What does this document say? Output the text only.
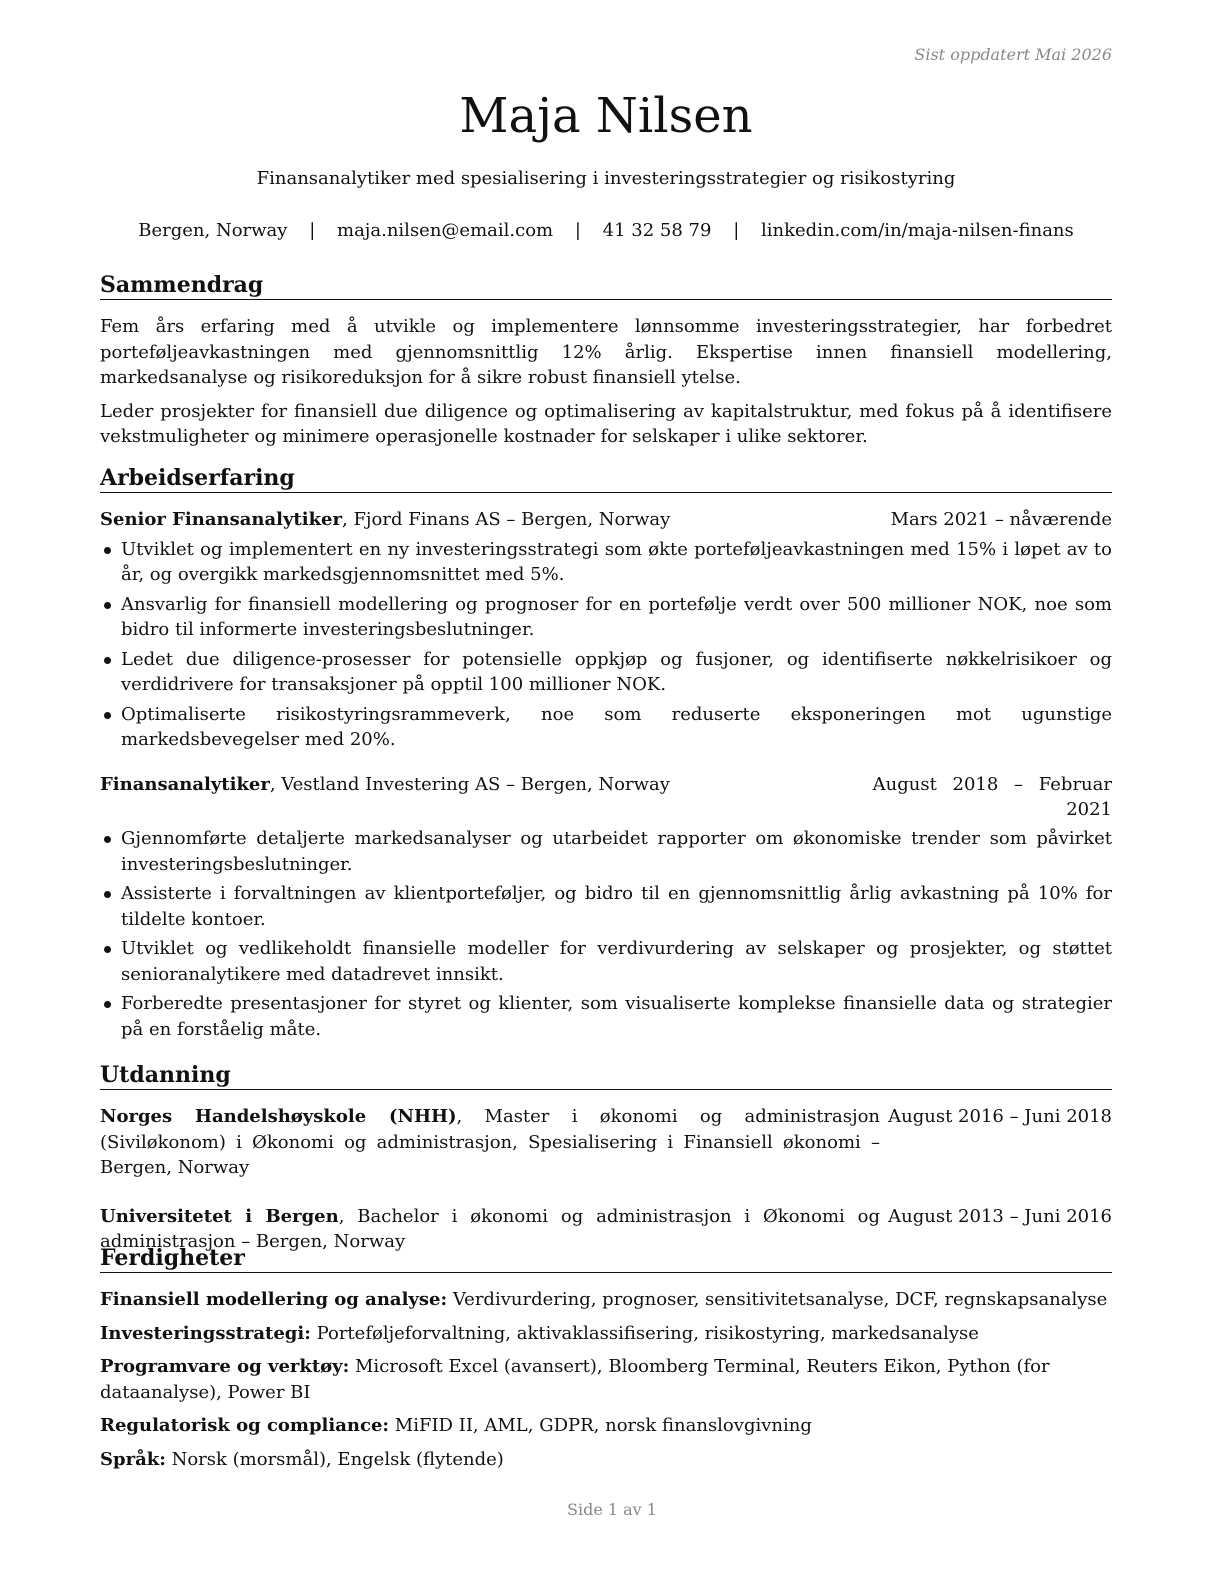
Sist oppdatert Mai 2026
Maja Nilsen
Finansanalytiker med spesialisering i investeringsstrategier og risikostyring
Bergen, Norway | maja.nilsen@email.com | 41 32 58 79 | linkedin.com/in/maja-nilsen-finans
Sammendrag

Fem års erfaring med å utvikle og implementere lønnsomme investeringsstrategier, har forbedret porteføljeavkastningen med gjennomsnittlig 12% årlig. Ekspertise innen finansiell modellering, markedsanalyse og risikoreduksjon for å sikre robust finansiell ytelse.

Leder prosjekter for finansiell due diligence og optimalisering av kapitalstruktur, med fokus på å identifisere vekstmuligheter og minimere operasjonelle kostnader for selskaper i ulike sektorer.

Arbeidserfaring
Senior Finansanalytiker, Fjord Finans AS – Bergen, Norway	Mars 2021 – nåværende
Utviklet og implementert en ny investeringsstrategi som økte porteføljeavkastningen med 15% i løpet av to år, og overgikk markedsgjennomsnittet med 5%.
Ansvarlig for finansiell modellering og prognoser for en portefølje verdt over 500 millioner NOK, noe som bidro til informerte investeringsbeslutninger.
Ledet due diligence-prosesser for potensielle oppkjøp og fusjoner, og identifiserte nøkkelrisikoer og verdidrivere for transaksjoner på opptil 100 millioner NOK.
Optimaliserte risikostyringsrammeverk, noe som reduserte eksponeringen mot ugunstige markedsbevegelser med 20%.
Finansanalytiker, Vestland Investering AS – Bergen, Norway	August 2018 – Februar
2021
Gjennomførte detaljerte markedsanalyser og utarbeidet rapporter om økonomiske trender som påvirket investeringsbeslutninger.
Assisterte i forvaltningen av klientporteføljer, og bidro til en gjennomsnittlig årlig avkastning på 10% for tildelte kontoer.
Utviklet og vedlikeholdt finansielle modeller for verdivurdering av selskaper og prosjekter, og støttet senioranalytikere med datadrevet innsikt.
Forberedte presentasjoner for styret og klienter, som visualiserte komplekse finansielle data og strategier på en forståelig måte.
Utdanning
Norges Handelshøyskole (NHH), Master i økonomi og administrasjon (Siviløkonom) i Økonomi og administrasjon, Spesialisering i Finansiell økonomi – Bergen, Norway
August 2016 – Juni 2018
Universitetet i Bergen, Bachelor i økonomi og administrasjon i Økonomi og administrasjon – Bergen, Norway
August 2013 – Juni 2016
Ferdigheter
Finansiell modellering og analyse: Verdivurdering, prognoser, sensitivitetsanalyse, DCF, regnskapsanalyse
Investeringsstrategi: Porteføljeforvaltning, aktivaklassifisering, risikostyring, markedsanalyse
Programvare og verktøy: Microsoft Excel (avansert), Bloomberg Terminal, Reuters Eikon, Python (for dataanalyse), Power BI
Regulatorisk og compliance: MiFID II, AML, GDPR, norsk finanslovgivning
Språk: Norsk (morsmål), Engelsk (flytende)
Side 1 av 1
